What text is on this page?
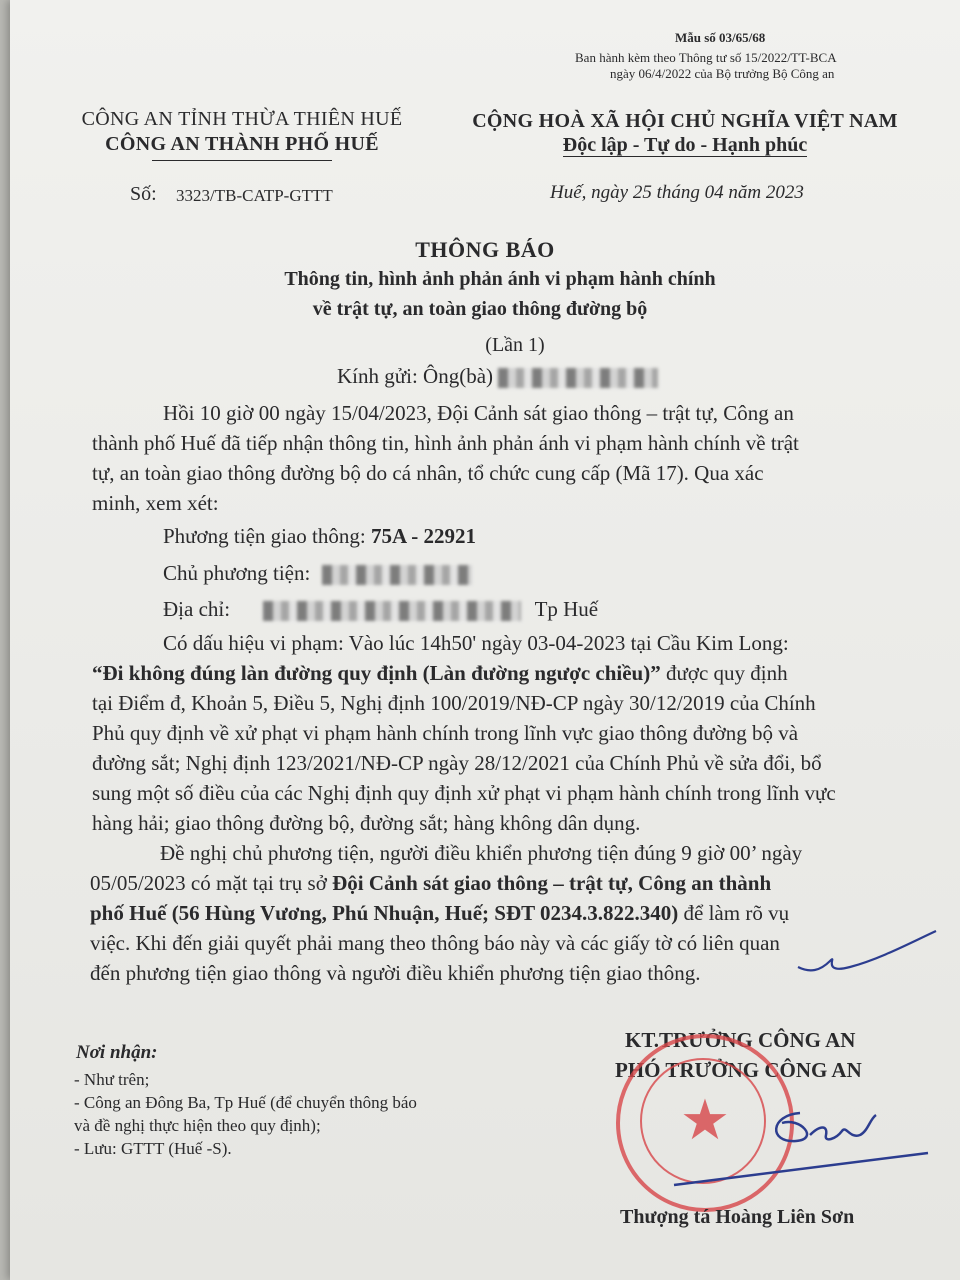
Mẫu số 03/65/68
Ban hành kèm theo Thông tư số 15/2022/TT-BCA
ngày 06/4/2022 của Bộ trưởng Bộ Công an
CÔNG AN TỈNH THỪA THIÊN HUẾ
CÔNG AN THÀNH PHỐ HUẾ
Số: 3323/TB-CATP-GTTT
CỘNG HOÀ XÃ HỘI CHỦ NGHĨA VIỆT NAM
Độc lập - Tự do - Hạnh phúc
Huế, ngày 25 tháng 04 năm 2023
THÔNG BÁO
Thông tin, hình ảnh phản ánh vi phạm hành chính
về trật tự, an toàn giao thông đường bộ
(Lần 1)
Kính gửi: Ông(bà)
Hồi 10 giờ 00 ngày 15/04/2023, Đội Cảnh sát giao thông – trật tự, Công an
thành phố Huế đã tiếp nhận thông tin, hình ảnh phản ánh vi phạm hành chính về trật
tự, an toàn giao thông đường bộ do cá nhân, tổ chức cung cấp (Mã 17). Qua xác
minh, xem xét:
Phương tiện giao thông: 75A - 22921
Chủ phương tiện:
Địa chỉ:	Tp Huế
Có dấu hiệu vi phạm: Vào lúc 14h50' ngày 03-04-2023 tại Cầu Kim Long:
“Đi không đúng làn đường quy định (Làn đường ngược chiều)” được quy định
tại Điểm đ, Khoản 5, Điều 5, Nghị định 100/2019/NĐ-CP ngày 30/12/2019 của Chính
Phủ quy định về xử phạt vi phạm hành chính trong lĩnh vực giao thông đường bộ và
đường sắt; Nghị định 123/2021/NĐ-CP ngày 28/12/2021 của Chính Phủ về sửa đổi, bổ
sung một số điều của các Nghị định quy định xử phạt vi phạm hành chính trong lĩnh vực
hàng hải; giao thông đường bộ, đường sắt; hàng không dân dụng.
Đề nghị chủ phương tiện, người điều khiển phương tiện đúng 9 giờ 00’ ngày
05/05/2023 có mặt tại trụ sở Đội Cảnh sát giao thông – trật tự, Công an thành
phố Huế (56 Hùng Vương, Phú Nhuận, Huế; SĐT 0234.3.822.340) để làm rõ vụ
việc. Khi đến giải quyết phải mang theo thông báo này và các giấy tờ có liên quan
đến phương tiện giao thông và người điều khiển phương tiện giao thông.
Nơi nhận:
- Như trên;
- Công an Đông Ba, Tp Huế (để chuyển thông báo
và đề nghị thực hiện theo quy định);
- Lưu: GTTT (Huế -S).
KT.TRƯỞNG CÔNG AN
PHÓ TRƯỞNG CÔNG AN
★
Thượng tá Hoàng Liên Sơn
